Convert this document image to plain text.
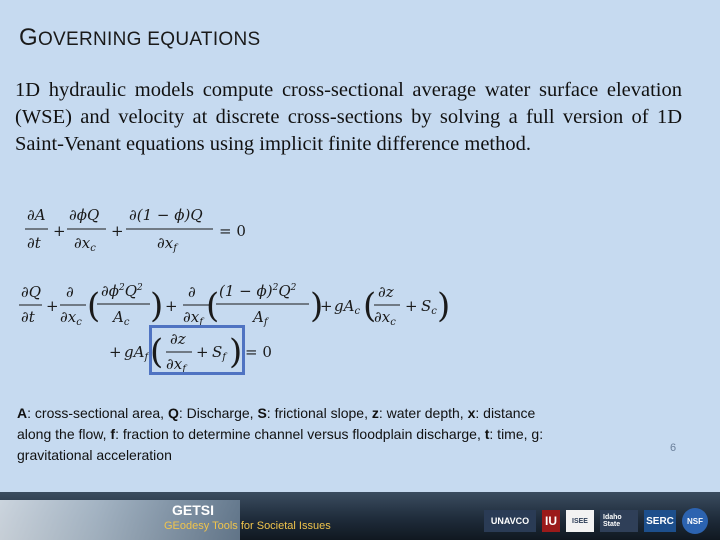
GOVERNING EQUATIONS

1D hydraulic models compute cross-sectional average water surface elevation (WSE) and velocity at discrete cross-sections by solving a full version of 1D Saint-Venant equations using implicit finite difference method.

∂A
∂t
+
∂ϕQ
$\partial x_c$
+
∂(1 − ϕ)Q
$\partial x_f$
= 0
∂Q
∂t
+
∂
$\partial x_c$ ( $\partial\phi^2Q^2$
$A_c$ ) +
∂
$\partial x_f$ ( $(1 - \phi)^2Q^2$
$A_f$ )
+ $gA_c$ ( ∂z
$\partial x_c$
+ $S_c$ )
+ $gA_f$ ( ∂z
$\partial x_f$
+ $S_f$ ) = 0

A: cross-sectional area, Q: Discharge, S: frictional slope, z: water depth, x: distance along the flow, f: fraction to determine channel versus floodplain discharge, t: time, g: gravitational acceleration	6
GETSI
GEodesy Tools for Societal Issues	UNAVCO	IU	ISEE	Idaho State	SERC	NSF
